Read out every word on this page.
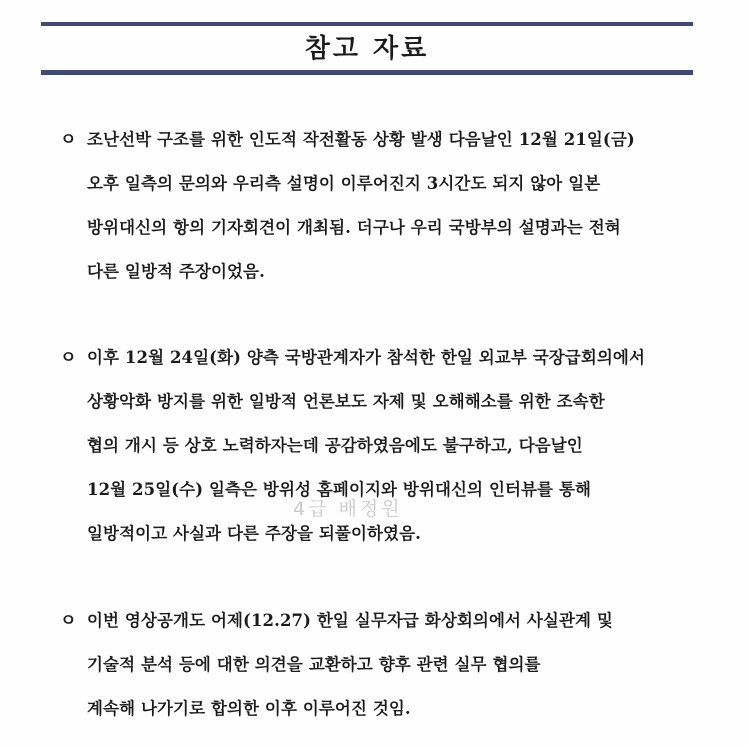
참고 자료
ㅇ 조난선박 구조를 위한 인도적 작전활동 상황 발생 다음날인 12월 21일(금)
오후 일측의 문의와 우리측 설명이 이루어진지 3시간도 되지 않아 일본
방위대신의 항의 기자회견이 개최됨. 더구나 우리 국방부의 설명과는 전혀
다른 일방적 주장이었음.
ㅇ 이후 12월 24일(화) 양측 국방관계자가 참석한 한일 외교부 국장급회의에서
상황악화 방지를 위한 일방적 언론보도 자제 및 오해해소를 위한 조속한
협의 개시 등 상호 노력하자는데 공감하였음에도 불구하고, 다음날인
12월 25일(수) 일측은 방위성 홈페이지와 방위대신의 인터뷰를 통해
일방적이고 사실과 다른 주장을 되풀이하였음.
ㅇ 이번 영상공개도 어제(12.27) 한일 실무자급 화상회의에서 사실관계 및
기술적 분석 등에 대한 의견을 교환하고 향후 관련 실무 협의를
계속해 나가기로 합의한 이후 이루어진 것임.
4급 배정원
